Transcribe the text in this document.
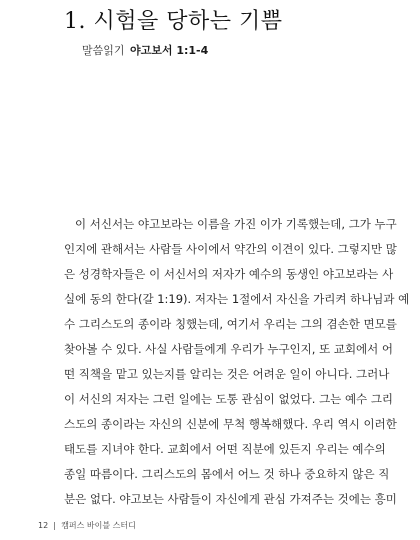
1. 시험을 당하는 기쁨
말씀읽기 야고보서 1:1-4
이 서신서는 야고보라는 이름을 가진 이가 기록했는데, 그가 누구
인지에 관해서는 사람들 사이에서 약간의 이견이 있다. 그렇지만 많
은 성경학자들은 이 서신서의 저자가 예수의 동생인 야고보라는 사
실에 동의 한다(갈 1:19). 저자는 1절에서 자신을 가리켜 하나님과 예
수 그리스도의 종이라 칭했는데, 여기서 우리는 그의 겸손한 면모를
찾아볼 수 있다. 사실 사람들에게 우리가 누구인지, 또 교회에서 어
떤 직책을 맡고 있는지를 알리는 것은 어려운 일이 아니다. 그러나
이 서신의 저자는 그런 일에는 도통 관심이 없었다. 그는 예수 그리
스도의 종이라는 자신의 신분에 무척 행복해했다. 우리 역시 이러한
태도를 지녀야 한다. 교회에서 어떤 직분에 있든지 우리는 예수의
종일 따름이다. 그리스도의 몸에서 어느 것 하나 중요하지 않은 직
분은 없다. 야고보는 사람들이 자신에게 관심 가져주는 것에는 흥미
12 캠퍼스 바이블 스터디
